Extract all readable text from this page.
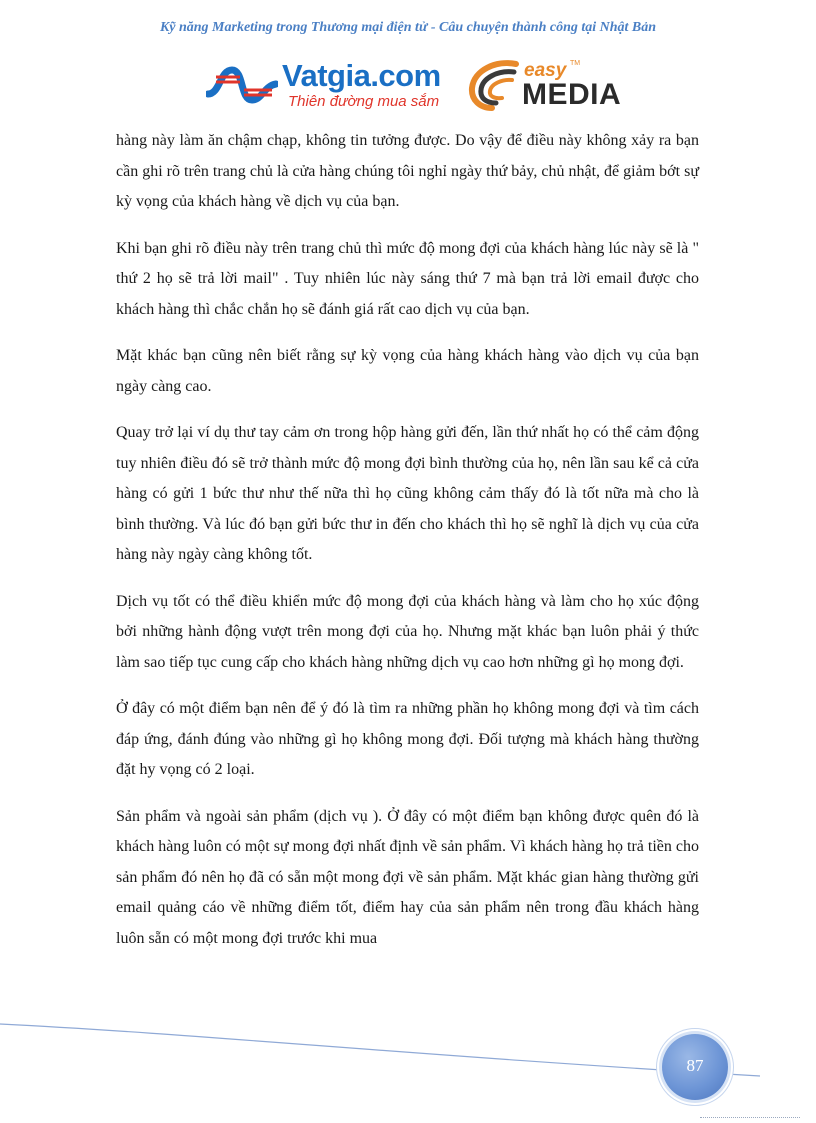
Kỹ năng Marketing trong Thương mại điện tử - Câu chuyện thành công tại Nhật Bản
Vatgia.com
Thiên đường mua sắm
easy TM
MEDIA

hàng này làm ăn chậm chạp, không tin tưởng được. Do vậy để điều này không xảy ra bạn cần ghi rõ trên trang chủ là cửa hàng chúng tôi nghỉ ngày thứ bảy, chủ nhật, để giảm bớt sự kỳ vọng của khách hàng về dịch vụ của bạn.

Khi bạn ghi rõ điều này trên trang chủ thì mức độ mong đợi của khách hàng lúc này sẽ là " thứ 2 họ sẽ trả lời mail" . Tuy nhiên lúc này sáng thứ 7 mà bạn trả lời email được cho khách hàng thì chắc chắn họ sẽ đánh giá rất cao dịch vụ của bạn.

Mặt khác bạn cũng nên biết rằng sự kỳ vọng của hàng khách hàng vào dịch vụ của bạn ngày càng cao.

Quay trở lại ví dụ thư tay cảm ơn trong hộp hàng gửi đến, lần thứ nhất họ có thể cảm động tuy nhiên điều đó sẽ trở thành mức độ mong đợi bình thường của họ, nên lần sau kể cả cửa hàng có gửi 1 bức thư như thế nữa thì họ cũng không cảm thấy đó là tốt nữa mà cho là bình thường. Và lúc đó bạn gửi bức thư in đến cho khách thì họ sẽ nghĩ là dịch vụ của cửa hàng này ngày càng không tốt.

Dịch vụ tốt có thể điều khiển mức độ mong đợi của khách hàng và làm cho họ xúc động bởi những hành động vượt trên mong đợi của họ. Nhưng mặt khác bạn luôn phải ý thức làm sao tiếp tục cung cấp cho khách hàng những dịch vụ cao hơn những gì họ mong đợi.

Ở đây có một điểm bạn nên để ý đó là tìm ra những phần họ không mong đợi và tìm cách đáp ứng, đánh đúng vào những gì họ không mong đợi. Đối tượng mà khách hàng thường đặt hy vọng có 2 loại.

Sản phẩm và ngoài sản phẩm (dịch vụ ). Ở đây có một điểm bạn không được quên đó là khách hàng luôn có một sự mong đợi nhất định về sản phẩm. Vì khách hàng họ trả tiền cho sản phẩm đó nên họ đã có sẵn một mong đợi về sản phẩm. Mặt khác gian hàng thường gửi email quảng cáo về những điểm tốt, điểm hay của sản phẩm nên trong đầu khách hàng luôn sẵn có một mong đợi trước khi mua

87
